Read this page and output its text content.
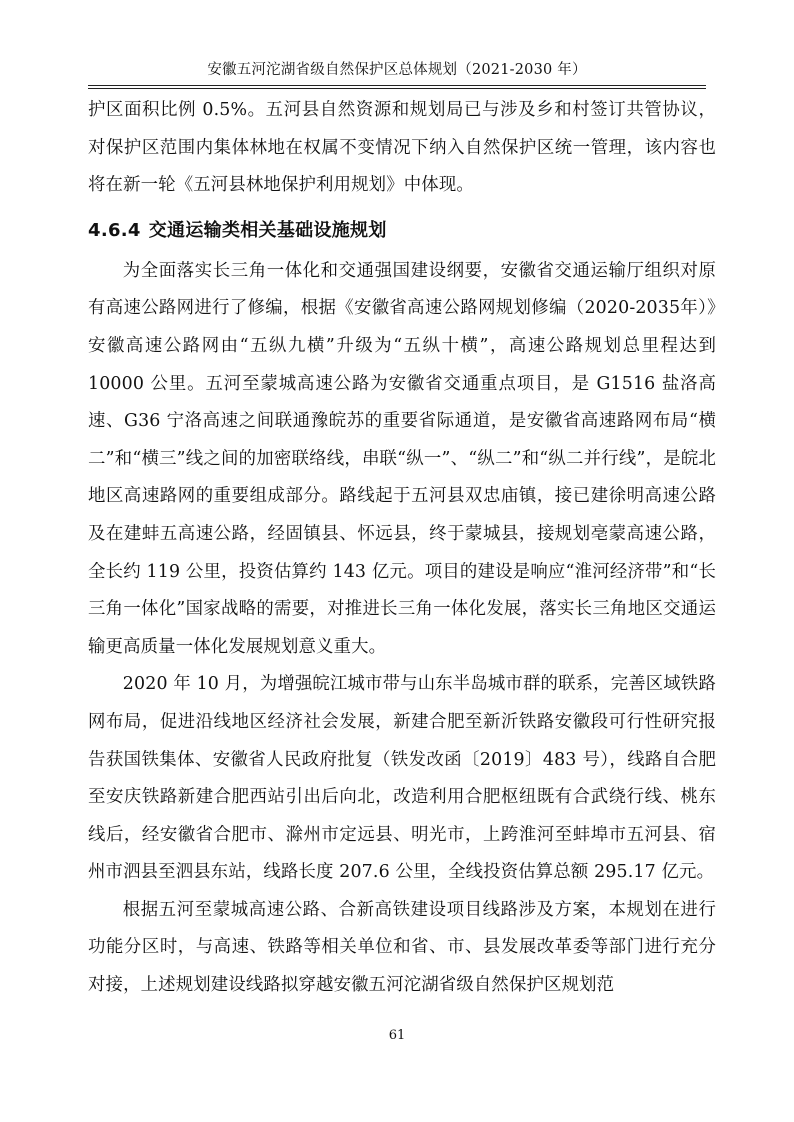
安徽五河沱湖省级自然保护区总体规划（2021-2030 年）

护区面积比例 0.5%。五河县自然资源和规划局已与涉及乡和村签订共管协议，对保护区范围内集体林地在权属不变情况下纳入自然保护区统一管理，该内容也将在新一轮《五河县林地保护利用规划》中体现。

4.6.4 交通运输类相关基础设施规划

为全面落实长三角一体化和交通强国建设纲要，安徽省交通运输厅组织对原有高速公路网进行了修编，根据《安徽省高速公路网规划修编（2020-2035年）》安徽高速公路网由“五纵九横”升级为“五纵十横”，高速公路规划总里程达到 10000 公里。五河至蒙城高速公路为安徽省交通重点项目，是 G1516 盐洛高速、G36 宁洛高速之间联通豫皖苏的重要省际通道，是安徽省高速路网布局“横二”和“横三”线之间的加密联络线，串联“纵一”、“纵二”和“纵二并行线”，是皖北地区高速路网的重要组成部分。路线起于五河县双忠庙镇，接已建徐明高速公路及在建蚌五高速公路，经固镇县、怀远县，终于蒙城县，接规划亳蒙高速公路，全长约 119 公里，投资估算约 143 亿元。项目的建设是响应“淮河经济带”和“长三角一体化”国家战略的需要，对推进长三角一体化发展，落实长三角地区交通运输更高质量一体化发展规划意义重大。

2020 年 10 月，为增强皖江城市带与山东半岛城市群的联系，完善区域铁路网布局，促进沿线地区经济社会发展，新建合肥至新沂铁路安徽段可行性研究报告获国铁集体、安徽省人民政府批复（铁发改函〔2019〕483 号），线路自合肥至安庆铁路新建合肥西站引出后向北，改造利用合肥枢纽既有合武绕行线、桃东线后，经安徽省合肥市、滁州市定远县、明光市，上跨淮河至蚌埠市五河县、宿州市泗县至泗县东站，线路长度 207.6 公里，全线投资估算总额 295.17 亿元。

根据五河至蒙城高速公路、合新高铁建设项目线路涉及方案，本规划在进行功能分区时，与高速、铁路等相关单位和省、市、县发展改革委等部门进行充分对接，上述规划建设线路拟穿越安徽五河沱湖省级自然保护区规划范

61
